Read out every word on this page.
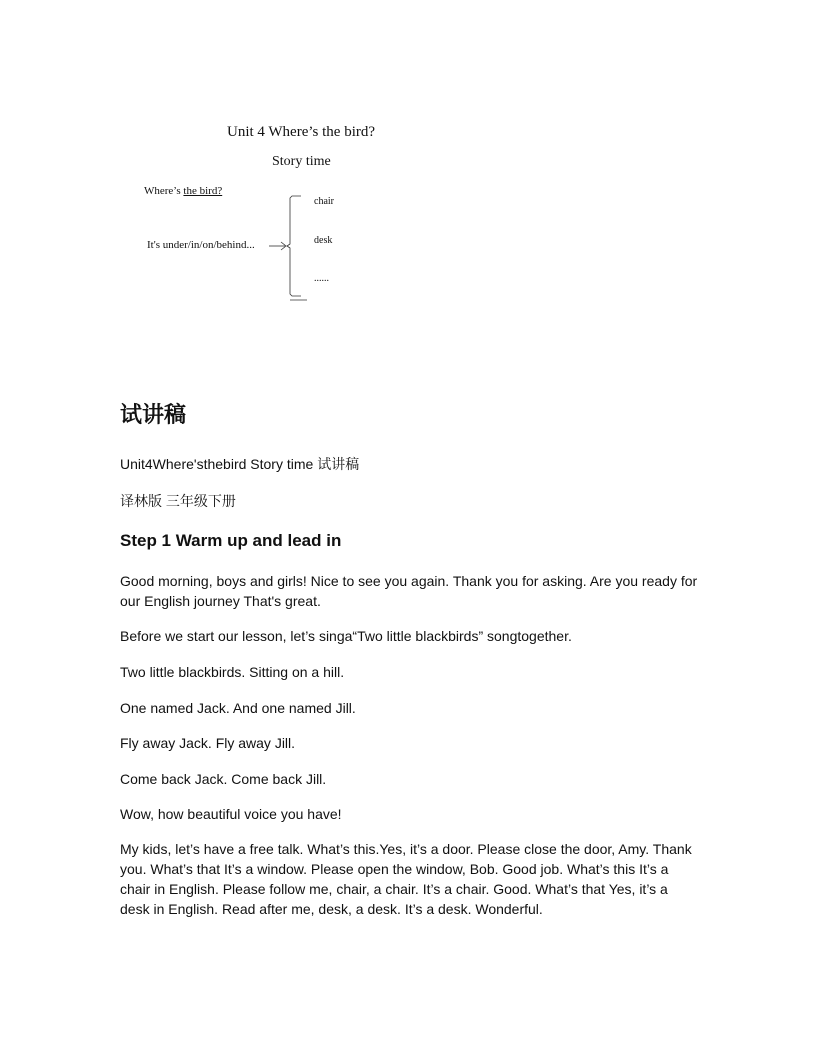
Unit 4 Where’s the bird?
Story time
Where’s the bird?
It's under/in/on/behind...
chair
desk
......
试讲稿
Unit4Where'sthebird Story time 试讲稿
译林版 三年级下册
Step 1 Warm up and lead in
Good morning, boys and girls! Nice to see you again. Thank you for asking. Are you ready for our English journey That's great.
Before we start our lesson, let’s singa“Two little blackbirds” songtogether.
Two little blackbirds. Sitting on a hill.
One named Jack. And one named Jill.
Fly away Jack. Fly away Jill.
Come back Jack. Come back Jill.
Wow, how beautiful voice you have!
My kids, let’s have a free talk. What’s this.Yes, it’s a door. Please close the door, Amy. Thank you. What’s that It’s a window. Please open the window, Bob. Good job. What’s this It’s a chair in English. Please follow me, chair, a chair. It’s a chair. Good. What’s that Yes, it’s a desk in English. Read after me, desk, a desk. It’s a desk. Wonderful.
